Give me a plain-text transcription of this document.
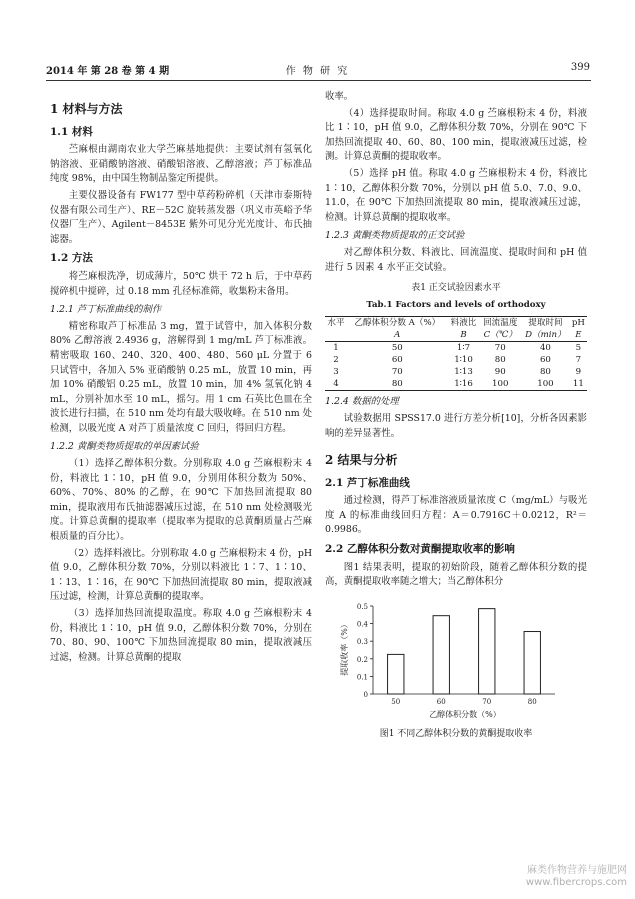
2014 年 第 28 卷 第 4 期	作 物 研 究	399
1 材料与方法
1.1 材料

苎麻根由湖南农业大学苎麻基地提供：主要试剂有氢氧化钠溶液、亚硝酸钠溶液、硝酸铝溶液、乙醇溶液；芦丁标准品纯度 98%，由中国生物制品鉴定所提供。

主要仪器设备有 FW177 型中草药粉碎机（天津市泰斯特仪器有限公司生产）、RE－52C 旋转蒸发器（巩义市英峪予华仪器厂生产）、Agilent－8453E 紫外可见分光光度计、布氏抽滤器。

1.2 方法

将苎麻根洗净，切成薄片，50℃ 烘干 72 h 后，于中草药搅碎机中搅碎，过 0.18 mm 孔径标准筛，收集粉末备用。

1.2.1 芦丁标准曲线的制作

精密称取芦丁标准品 3 mg，置于试管中，加入体积分数 80% 乙醇溶液 2.4936 g，溶解得到 1 mg/mL 芦丁标准液。精密吸取 160、240、320、400、480、560 μL 分置于 6 只试管中，各加入 5% 亚硝酸钠 0.25 mL，放置 10 min，再加 10% 硝酸铝 0.25 mL，放置 10 min，加 4% 氢氧化钠 4 mL，分别补加水至 10 mL，摇匀。用 1 cm 石英比色皿在全波长进行扫描，在 510 nm 处均有最大吸收峰。在 510 nm 处检测，以吸光度 A 对芦丁质量浓度 C 回归，得回归方程。

1.2.2 黄酮类物质提取的单因素试验

（1）选择乙醇体积分数。分别称取 4.0 g 苎麻根粉末 4 份，料液比 1∶10，pH 值 9.0，分别用体积分数为 50%、60%、70%、80% 的乙醇，在 90℃ 下加热回流提取 80 min，提取液用布氏抽滤器减压过滤，在 510 nm 处检测吸光度。计算总黄酮的提取率（提取率为提取的总黄酮质量占苎麻根质量的百分比）。

（2）选择料液比。分别称取 4.0 g 苎麻根粉末 4 份，pH 值 9.0，乙醇体积分数 70%，分别以料液比 1∶7、1∶10、1∶13、1∶16，在 90℃ 下加热回流提取 80 min，提取液减压过滤，检测，计算总黄酮的提取率。

（3）选择加热回流提取温度。称取 4.0 g 苎麻根粉末 4 份，料液比 1∶10，pH 值 9.0，乙醇体积分数 70%，分别在 70、80、90、100℃ 下加热回流提取 80 min，提取液减压过滤，检测。计算总黄酮的提取

收率。

（4）选择提取时间。称取 4.0 g 苎麻根粉末 4 份，料液比 1∶10，pH 值 9.0，乙醇体积分数 70%，分别在 90℃ 下加热回流提取 40、60、80、100 min，提取液减压过滤，检测。计算总黄酮的提取收率。

（5）选择 pH 值。称取 4.0 g 苎麻根粉末 4 份，料液比 1∶10，乙醇体积分数 70%，分别以 pH 值 5.0、7.0、9.0、11.0，在 90℃ 下加热回流提取 80 min，提取液减压过滤，检测。计算总黄酮的提取收率。

1.2.3 黄酮类物质提取的正交试验

对乙醇体积分数、料液比、回流温度、提取时间和 pH 值进行 5 因素 4 水平正交试验。

表1 正交试验因素水平
Tab.1 Factors and levels of orthodoxy
水平	乙醇体积分数 A（%）	料液比	回流温度	提取时间	pH
	A	B	C（℃）	D（min）	E
1	50	1∶7	70	40	5
2	60	1∶10	80	60	7
3	70	1∶13	90	80	9
4	80	1∶16	100	100	11
1.2.4 数据的处理

试验数据用 SPSS17.0 进行方差分析[10]，分析各因素影响的差异显著性。

2 结果与分析
2.1 芦丁标准曲线

通过检测，得芦丁标准溶液质量浓度 C（mg/mL）与吸光度 A 的标准曲线回归方程：A＝0.7916C＋0.0212，R²＝0.9986。

2.2 乙醇体积分数对黄酮提取收率的影响

图1 结果表明，提取的初始阶段，随着乙醇体积分数的提高，黄酮提取收率随之增大；当乙醇体积分

提取收率（%）
0
0.1
0.2
0.3
0.4
0.5
50	60	70	80
乙醇体积分数（%）
图1 不同乙醇体积分数的黄酮提取收率
麻类作物营养与施肥网
www.fibercrops.com
